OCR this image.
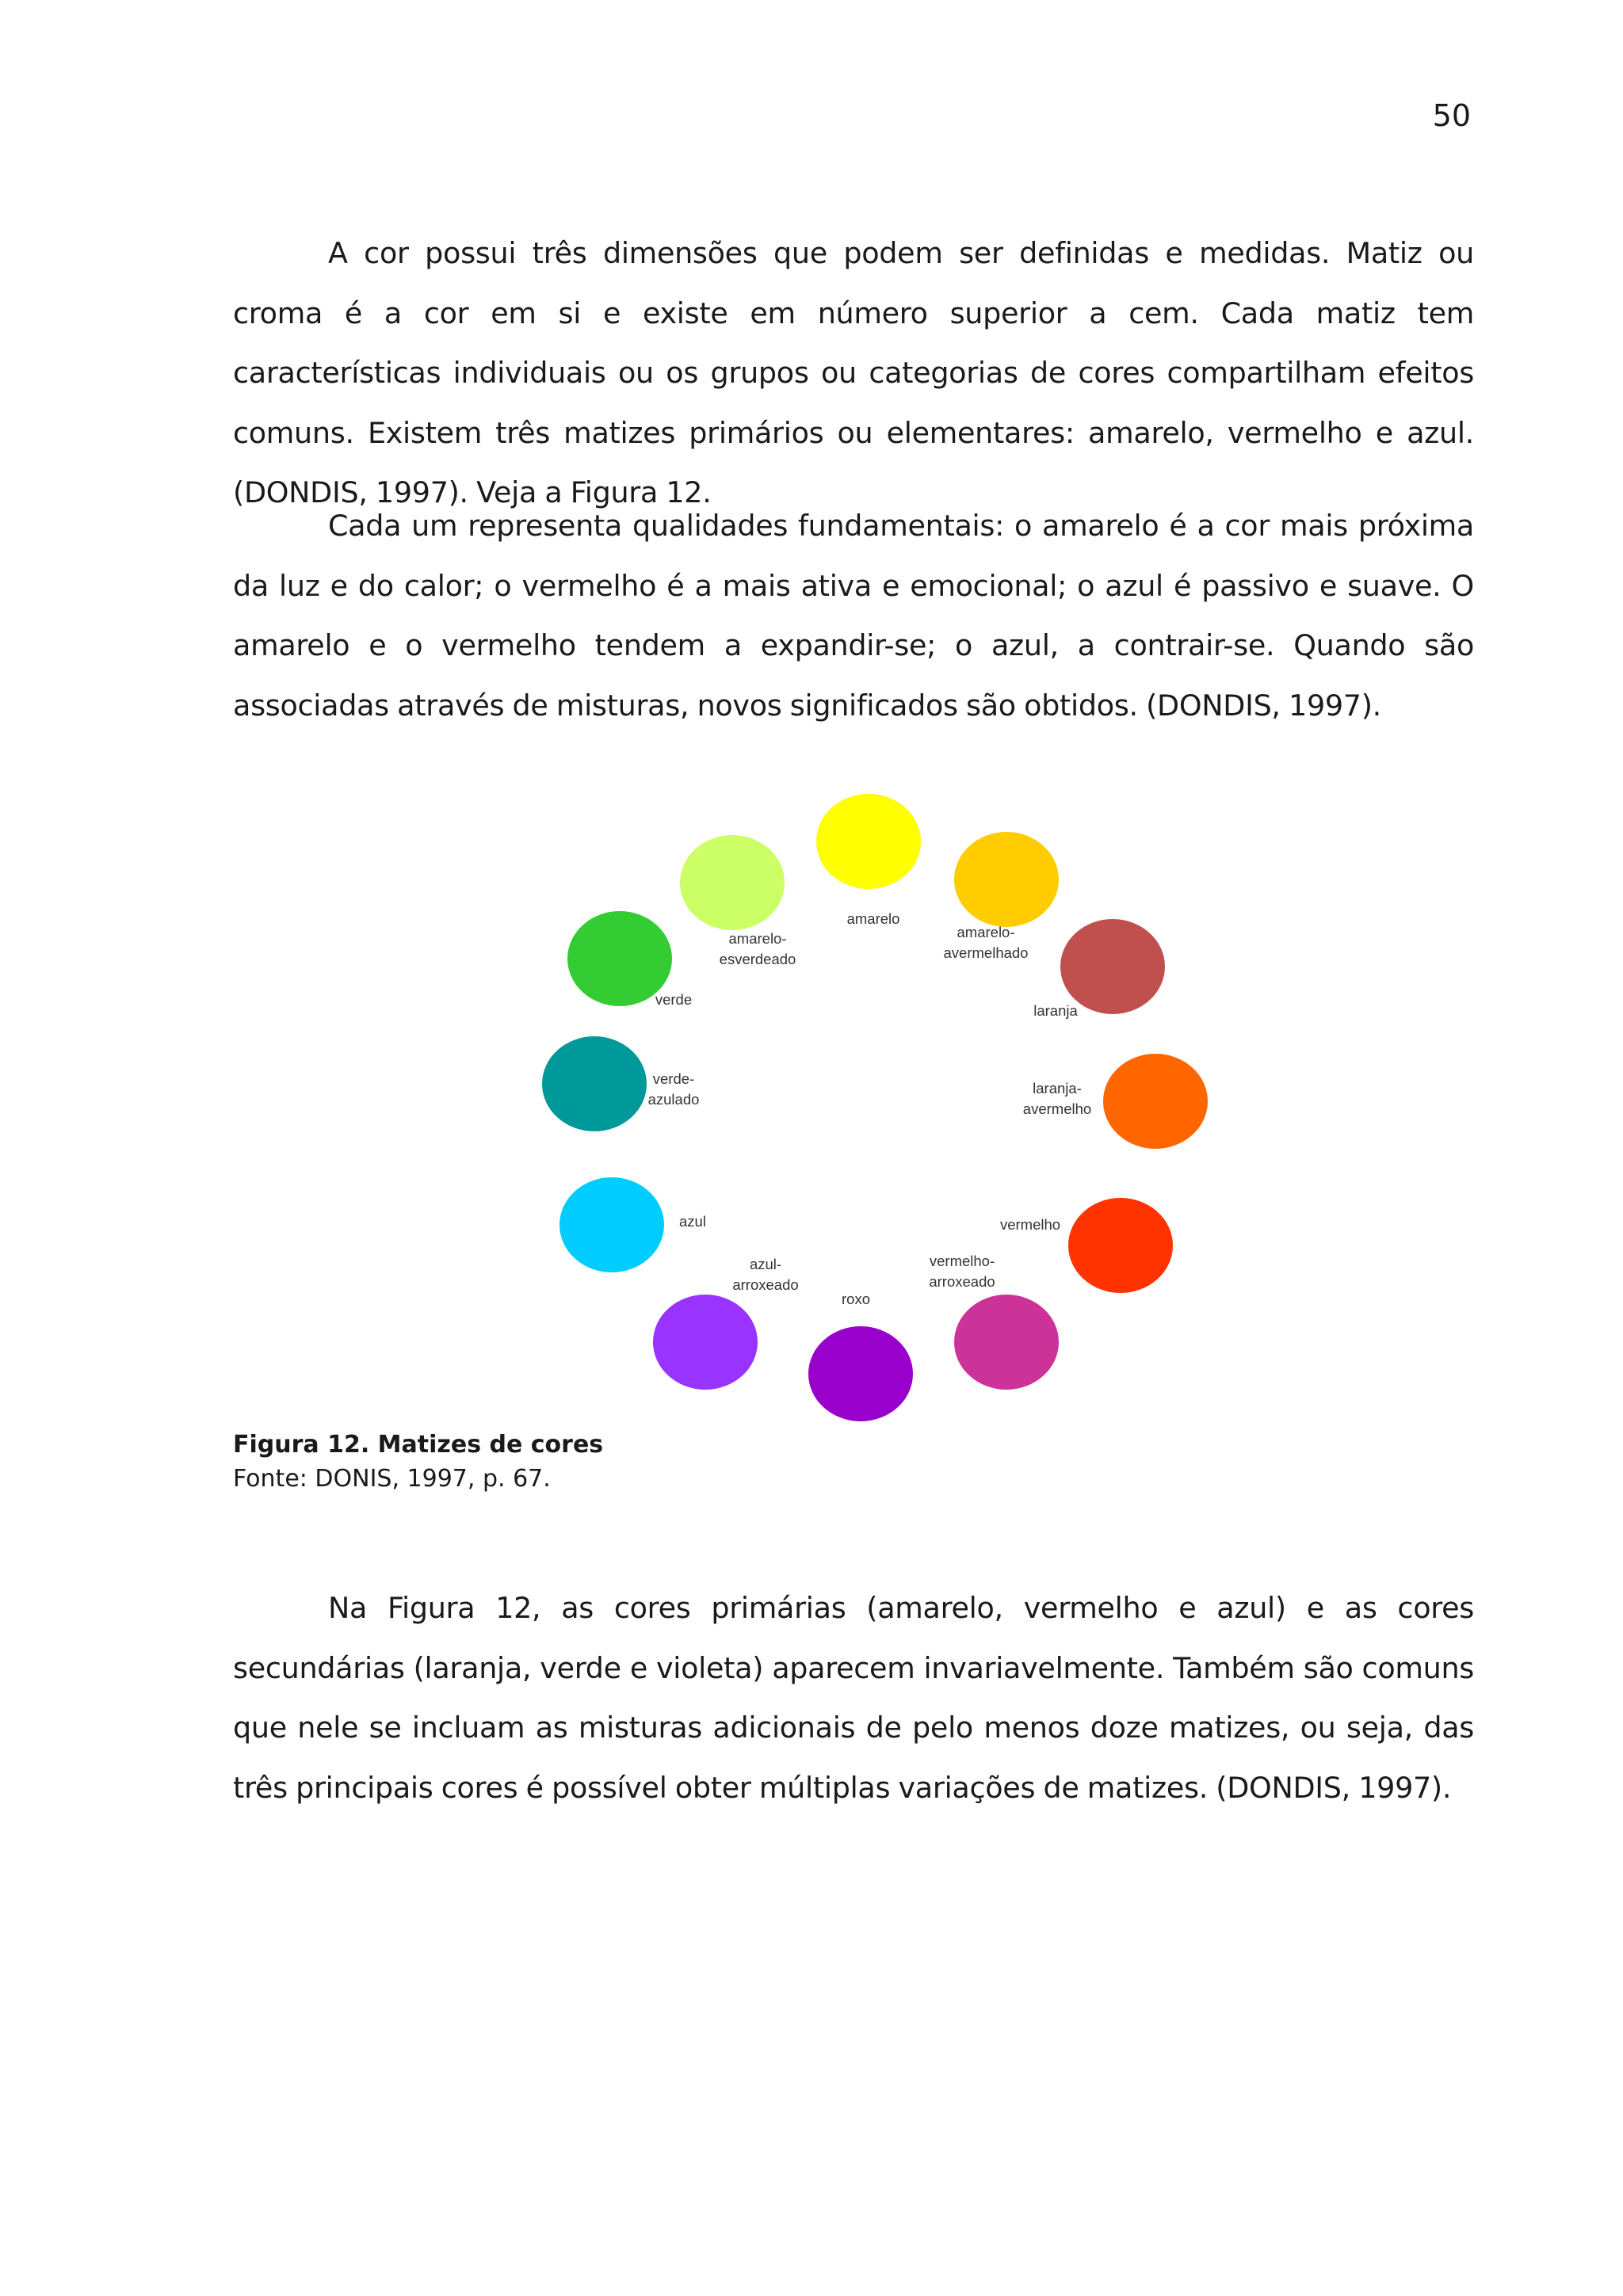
50

A cor possui três dimensões que podem ser definidas e medidas. Matiz ou croma é a cor em si e existe em número superior a cem. Cada matiz tem características individuais ou os grupos ou categorias de cores compartilham efeitos comuns. Existem três matizes primários ou elementares: amarelo, vermelho e azul. (DONDIS, 1997). Veja a Figura 12.

Cada um representa qualidades fundamentais: o amarelo é a cor mais próxima da luz e do calor; o vermelho é a mais ativa e emocional; o azul é passivo e suave. O amarelo e o vermelho tendem a expandir-se; o azul, a contrair-se. Quando são associadas através de misturas, novos significados são obtidos. (DONDIS, 1997).

amarelo
amarelo-avermelhado
laranja
laranja-avermelho
vermelho
vermelho-arroxeado
roxo
azul-arroxeado
azul
verde-azulado
verde
amarelo-esverdeado
Figura 12. Matizes de cores
Fonte: DONIS, 1997, p. 67.

Na Figura 12, as cores primárias (amarelo, vermelho e azul) e as cores secundárias (laranja, verde e violeta) aparecem invariavelmente. Também são comuns que nele se incluam as misturas adicionais de pelo menos doze matizes, ou seja, das três principais cores é possível obter múltiplas variações de matizes. (DONDIS, 1997).
